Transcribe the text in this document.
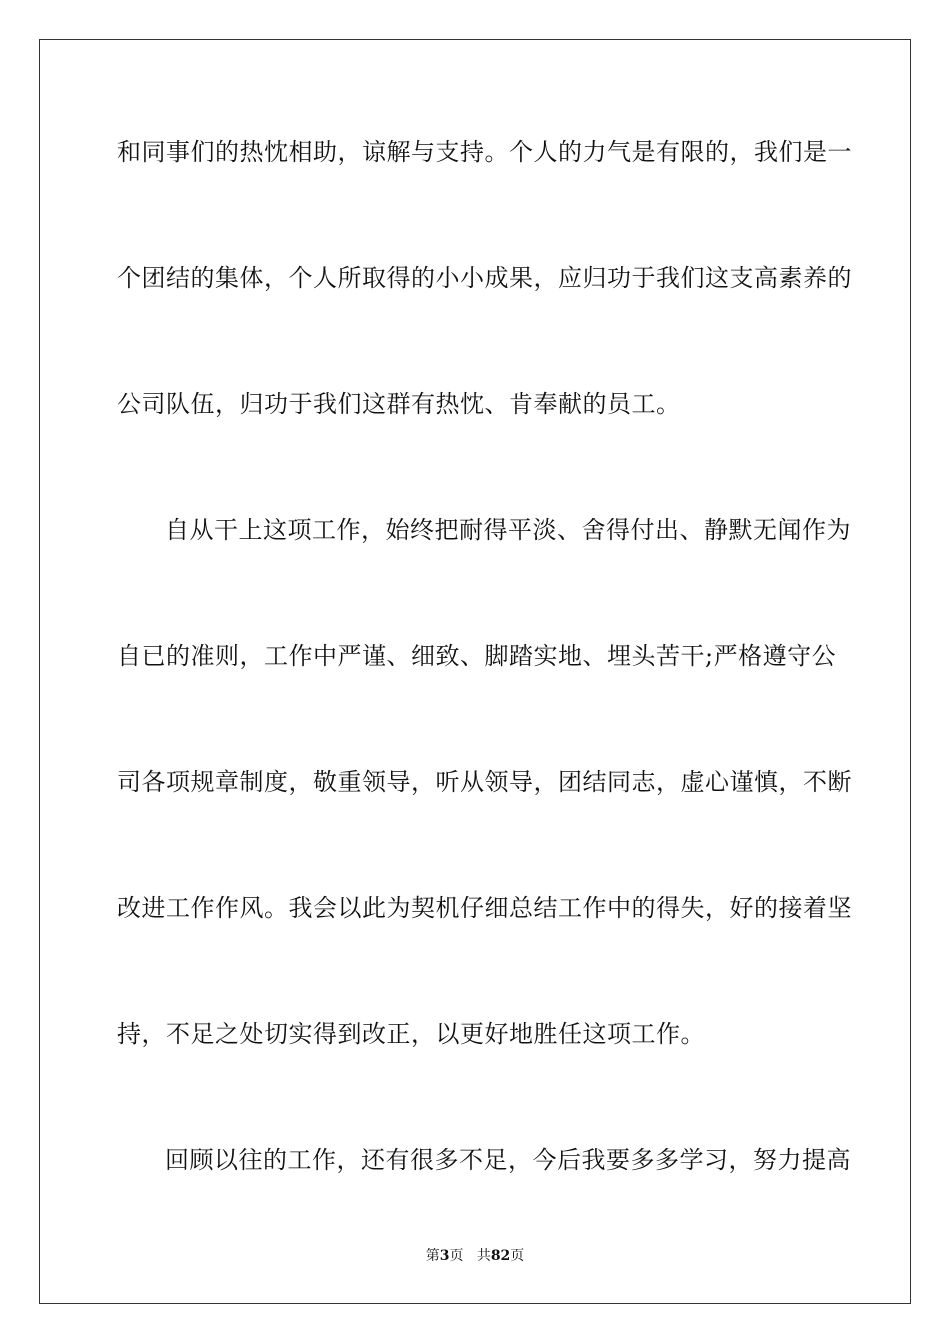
和同事们的热忱相助，谅解与支持。个人的力气是有限的，我们是一
个团结的集体，个人所取得的小小成果，应归功于我们这支高素养的
公司队伍，归功于我们这群有热忱、肯奉献的员工。
自从干上这项工作，始终把耐得平淡、舍得付出、静默无闻作为
自已的准则，工作中严谨、细致、脚踏实地、埋头苦干;严格遵守公
司各项规章制度，敬重领导，听从领导，团结同志，虚心谨慎，不断
改进工作作风。我会以此为契机仔细总结工作中的得失，好的接着坚
持，不足之处切实得到改正，以更好地胜任这项工作。
回顾以往的工作，还有很多不足，今后我要多多学习，努力提高
第3页 共82页
